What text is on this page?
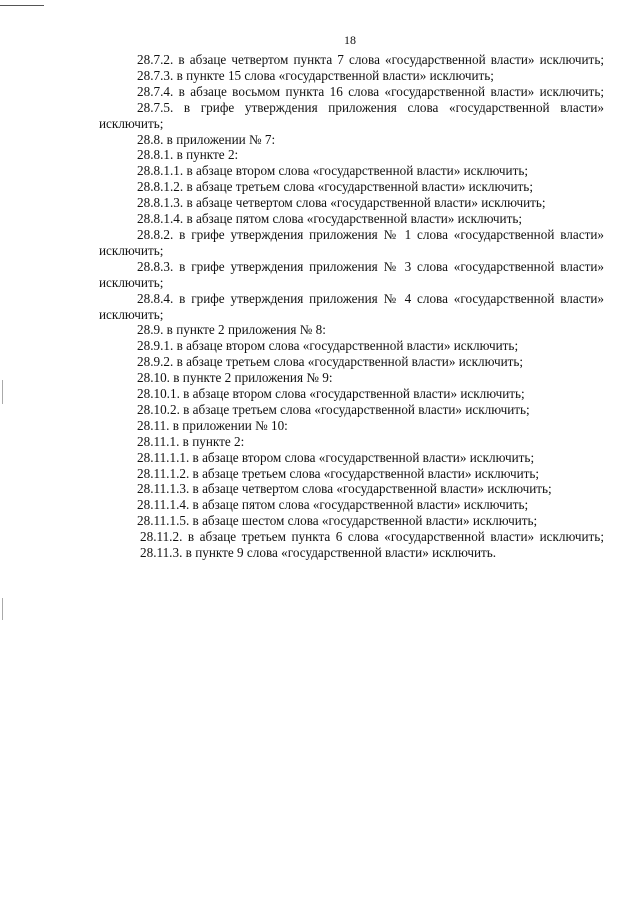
18

28.7.2. в абзаце четвертом пункта 7 слова «государственной власти» исключить;

28.7.3. в пункте 15 слова «государственной власти» исключить;

28.7.4. в абзаце восьмом пункта 16 слова «государственной власти» исключить;

28.7.5. в грифе утверждения приложения слова «государственной власти» исключить;

28.8. в приложении № 7:

28.8.1. в пункте 2:

28.8.1.1. в абзаце втором слова «государственной власти» исключить;

28.8.1.2. в абзаце третьем слова «государственной власти» исключить;

28.8.1.3. в абзаце четвертом слова «государственной власти» исключить;

28.8.1.4. в абзаце пятом слова «государственной власти» исключить;

28.8.2. в грифе утверждения приложения № 1 слова «государственной власти» исключить;

28.8.3. в грифе утверждения приложения № 3 слова «государственной власти» исключить;

28.8.4. в грифе утверждения приложения № 4 слова «государственной власти» исключить;

28.9. в пункте 2 приложения № 8:

28.9.1. в абзаце втором слова «государственной власти» исключить;

28.9.2. в абзаце третьем слова «государственной власти» исключить;

28.10. в пункте 2 приложения № 9:

28.10.1. в абзаце втором слова «государственной власти» исключить;

28.10.2. в абзаце третьем слова «государственной власти» исключить;

28.11. в приложении № 10:

28.11.1. в пункте 2:

28.11.1.1. в абзаце втором слова «государственной власти» исключить;

28.11.1.2. в абзаце третьем слова «государственной власти» исключить;

28.11.1.3. в абзаце четвертом слова «государственной власти» исключить;

28.11.1.4. в абзаце пятом слова «государственной власти» исключить;

28.11.1.5. в абзаце шестом слова «государственной власти» исключить;

28.11.2. в абзаце третьем пункта 6 слова «государственной власти» исключить;

28.11.3. в пункте 9 слова «государственной власти» исключить.
